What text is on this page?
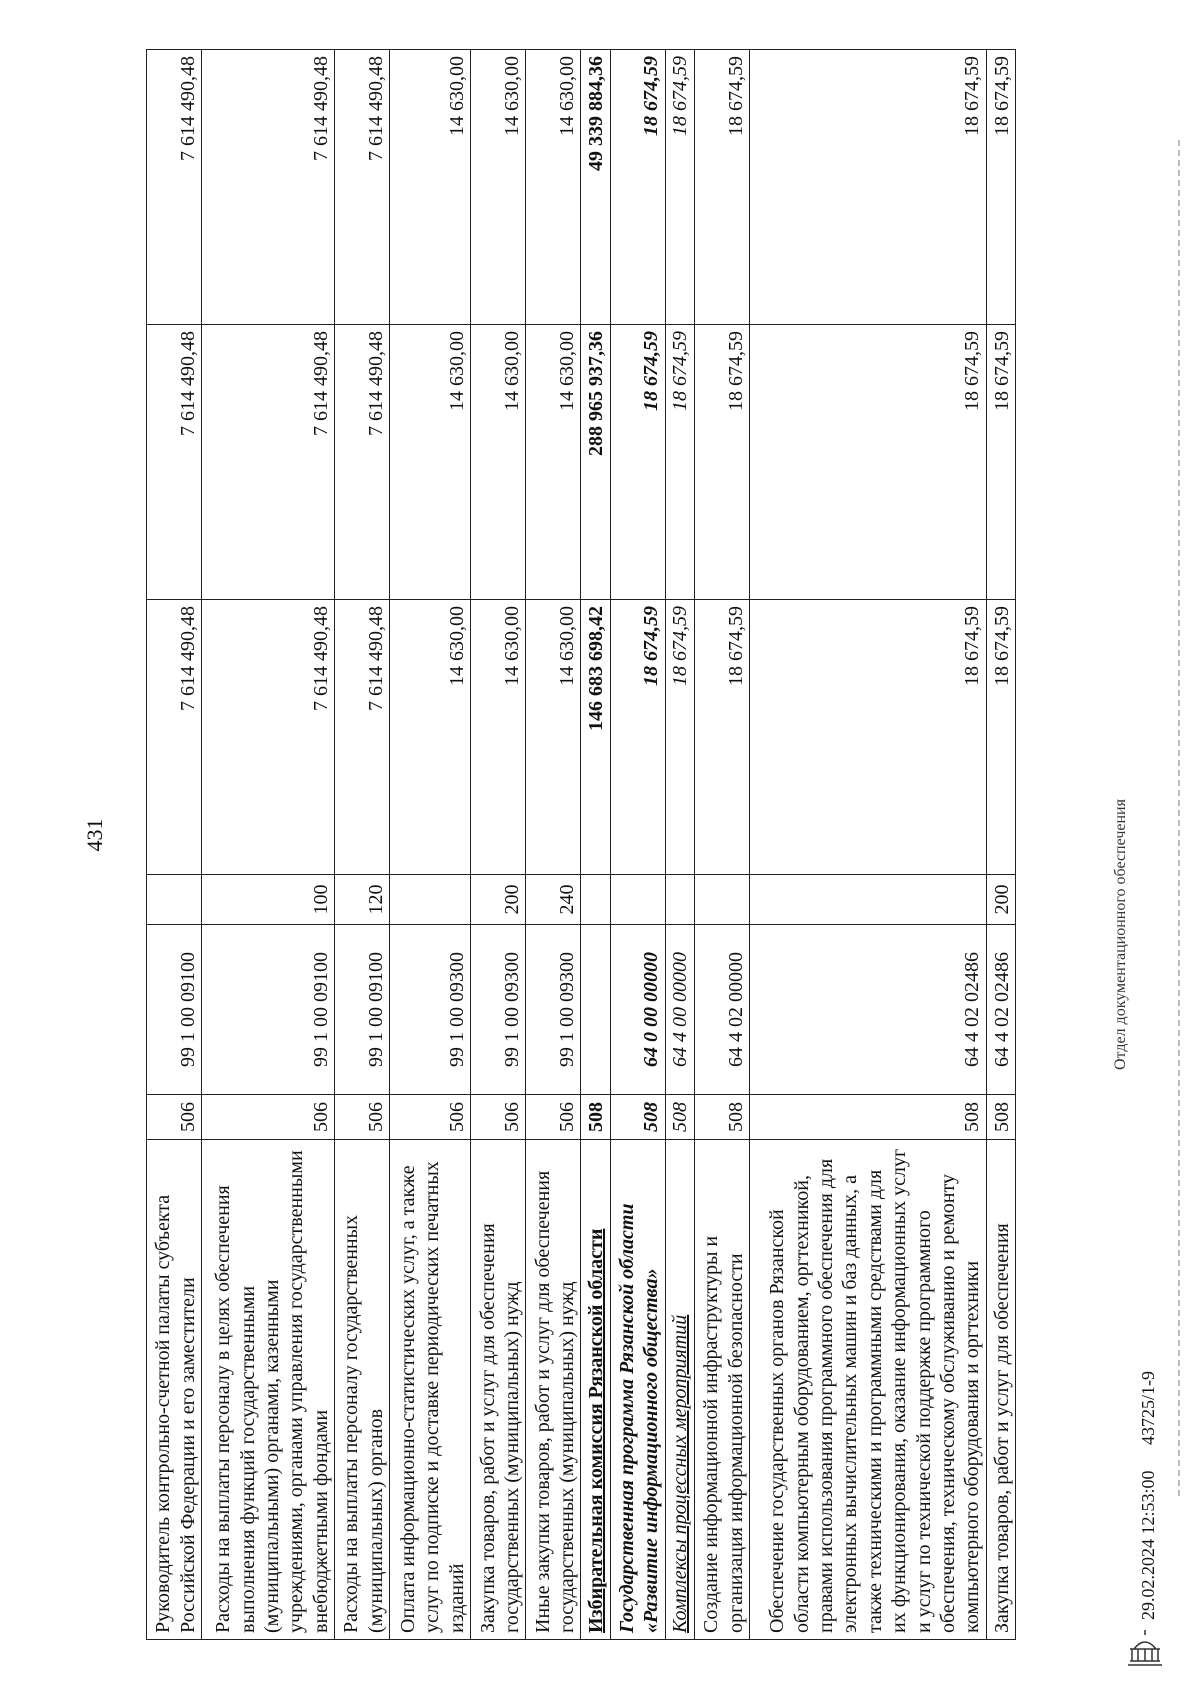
431
Руководитель контрольно-счетной палаты субъекта Российской Федерации и его заместители	506	99 1 00 09100		7 614 490,48	7 614 490,48	7 614 490,48
Расходы на выплаты персоналу в целях обеспечения выполнения функций государственными (муниципальными) органами, казенными учреждениями, органами управления государственными внебюджетными фондами	506	99 1 00 09100	100	7 614 490,48	7 614 490,48	7 614 490,48
Расходы на выплаты персоналу государственных (муниципальных) органов	506	99 1 00 09100	120	7 614 490,48	7 614 490,48	7 614 490,48
Оплата информационно-статистических услуг, а также услуг по подписке и доставке периодических печатных изданий	506	99 1 00 09300		14 630,00	14 630,00	14 630,00
Закупка товаров, работ и услуг для обеспечения государственных (муниципальных) нужд	506	99 1 00 09300	200	14 630,00	14 630,00	14 630,00
Иные закупки товаров, работ и услуг для обеспечения государственных (муниципальных) нужд	506	99 1 00 09300	240	14 630,00	14 630,00	14 630,00
Избирательная комиссия Рязанской области	508			146 683 698,42	288 965 937,36	49 339 884,36
Государственная программа Рязанской области «Развитие информационного общества»	508	64 0 00 00000		18 674,59	18 674,59	18 674,59
Комплексы процессных мероприятий	508	64 4 00 00000		18 674,59	18 674,59	18 674,59
Создание информационной инфраструктуры и организация информационной безопасности	508	64 4 02 00000		18 674,59	18 674,59	18 674,59
Обеспечение государственных органов Рязанской области компьютерным оборудованием, оргтехникой, правами использования программного обеспечения для электронных вычислительных машин и баз данных, а также техническими и программными средствами для их функционирования, оказание информационных услуг и услуг по технической поддержке программного обеспечения, техническому обслуживанию и ремонту компьютерного оборудования и оргтехники	508	64 4 02 02486		18 674,59	18 674,59	18 674,59
Закупка товаров, работ и услуг для обеспечения	508	64 4 02 02486	200	18 674,59	18 674,59	18 674,59
29.02.2024 12:53:00
43725/1-9
Отдел документационного обеспечения
